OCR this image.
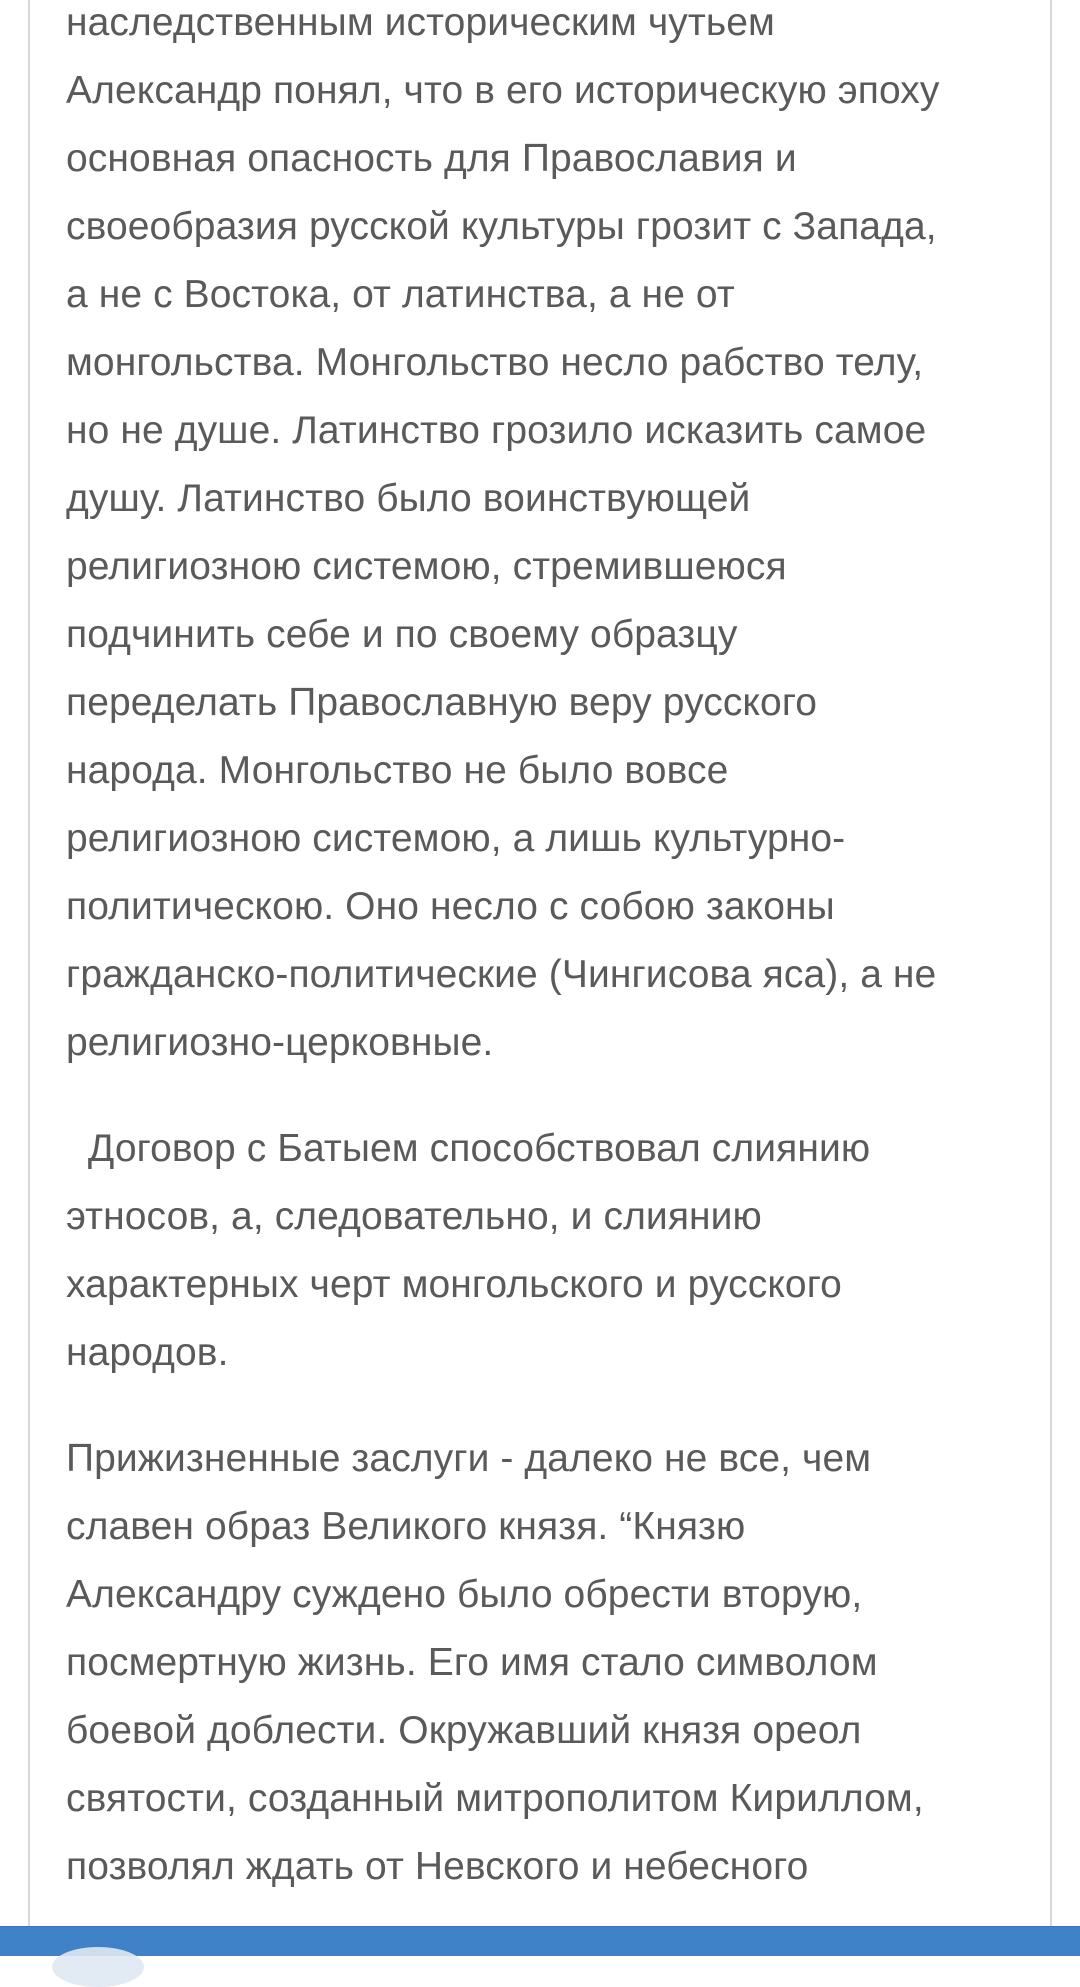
наследственным историческим чутьем
Александр понял, что в его историческую эпоху
основная опасность для Православия и
своеобразия русской культуры грозит с Запада,
а не с Востока, от латинства, а не от
монгольства. Монгольство несло рабство телу,
но не душе. Латинство грозило исказить самое
душу. Латинство было воинствующей
религиозною системою, стремившеюся
подчинить себе и по своему образцу
переделать Православную веру русского
народа. Монгольство не было вовсе
религиозною системою, а лишь культурно-
политическою. Оно несло с собою законы
гражданско-политические (Чингисова яса), а не
религиозно-церковные.

Договор с Батыем способствовал слиянию
этносов, а, следовательно, и слиянию
характерных черт монгольского и русского
народов.

Прижизненные заслуги - далеко не все, чем
славен образ Великого князя. “Князю
Александру суждено было обрести вторую,
посмертную жизнь. Его имя стало символом
боевой доблести. Окружавший князя ореол
святости, созданный митрополитом Кириллом,
позволял ждать от Невского и небесного
